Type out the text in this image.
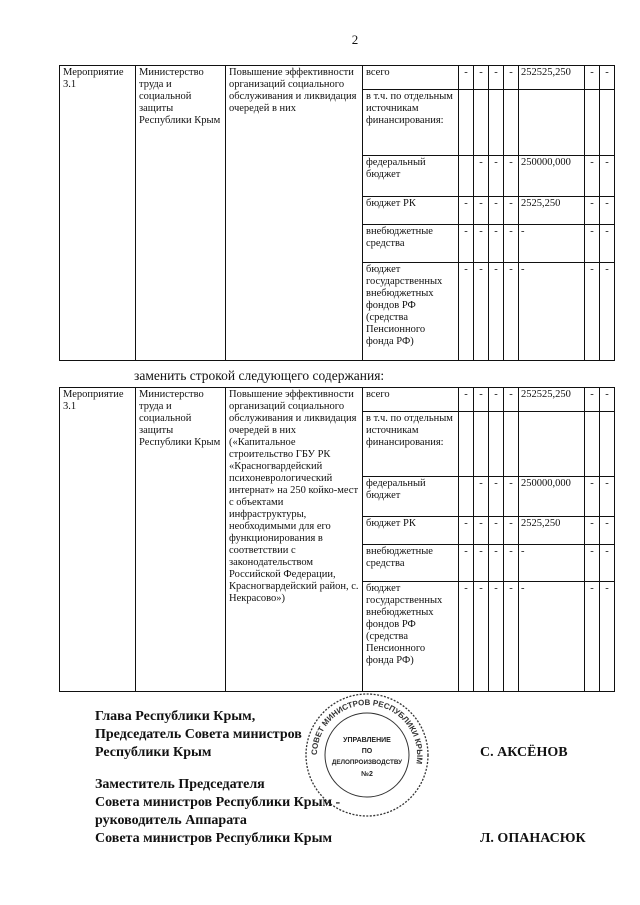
2
Мероприятие 3.1	Министерство труда и социальной защиты Республики Крым	Повышение эффективности организаций социального обслуживания и ликвидация очередей в них	всего	-	-	-	-	252525,250	-	-
			в т.ч. по отдельным источникам финансирования:							
			федеральный бюджет		-	-	-	250000,000	-	-
			бюджет РК	-	-	-	-	2525,250	-	-
			внебюджетные средства	-	-	-	-	-	-	-
			бюджет государственных внебюджетных фондов РФ (средства Пенсионного фонда РФ)	-	-	-	-	-	-	-
заменить строкой следующего содержания:
Мероприятие 3.1	Министерство труда и социальной защиты Республики Крым	Повышение эффективности организаций социального обслуживания и ликвидация очередей в них («Капитальное строительство ГБУ РК «Красногвардейский психоневрологический интернат» на 250 койко-мест с объектами инфраструктуры, необходимыми для его функционирования в соответствии с законодательством Российской Федерации, Красногвардейский район, с. Некрасово»)	всего	-	-	-	-	252525,250	-	-
			в т.ч. по отдельным источникам финансирования:							
			федеральный бюджет		-	-	-	250000,000	-	-
			бюджет РК	-	-	-	-	2525,250	-	-
			внебюджетные средства	-	-	-	-	-	-	-
			бюджет государственных внебюджетных фондов РФ (средства Пенсионного фонда РФ)	-	-	-	-	-	-	-
Глава Республики Крым,
Председатель Совета министров
Республики Крым	С. АКСЁНОВ
Заместитель Председателя
Совета министров Республики Крым -
руководитель Аппарата
Совета министров Республики Крым	Л. ОПАНАСЮК
СОВЕТ МИНИСТРОВ РЕСПУБЛИКИ КРЫМ
УПРАВЛЕНИЕ
ПО
ДЕЛОПРОИЗВОДСТВУ
№2
